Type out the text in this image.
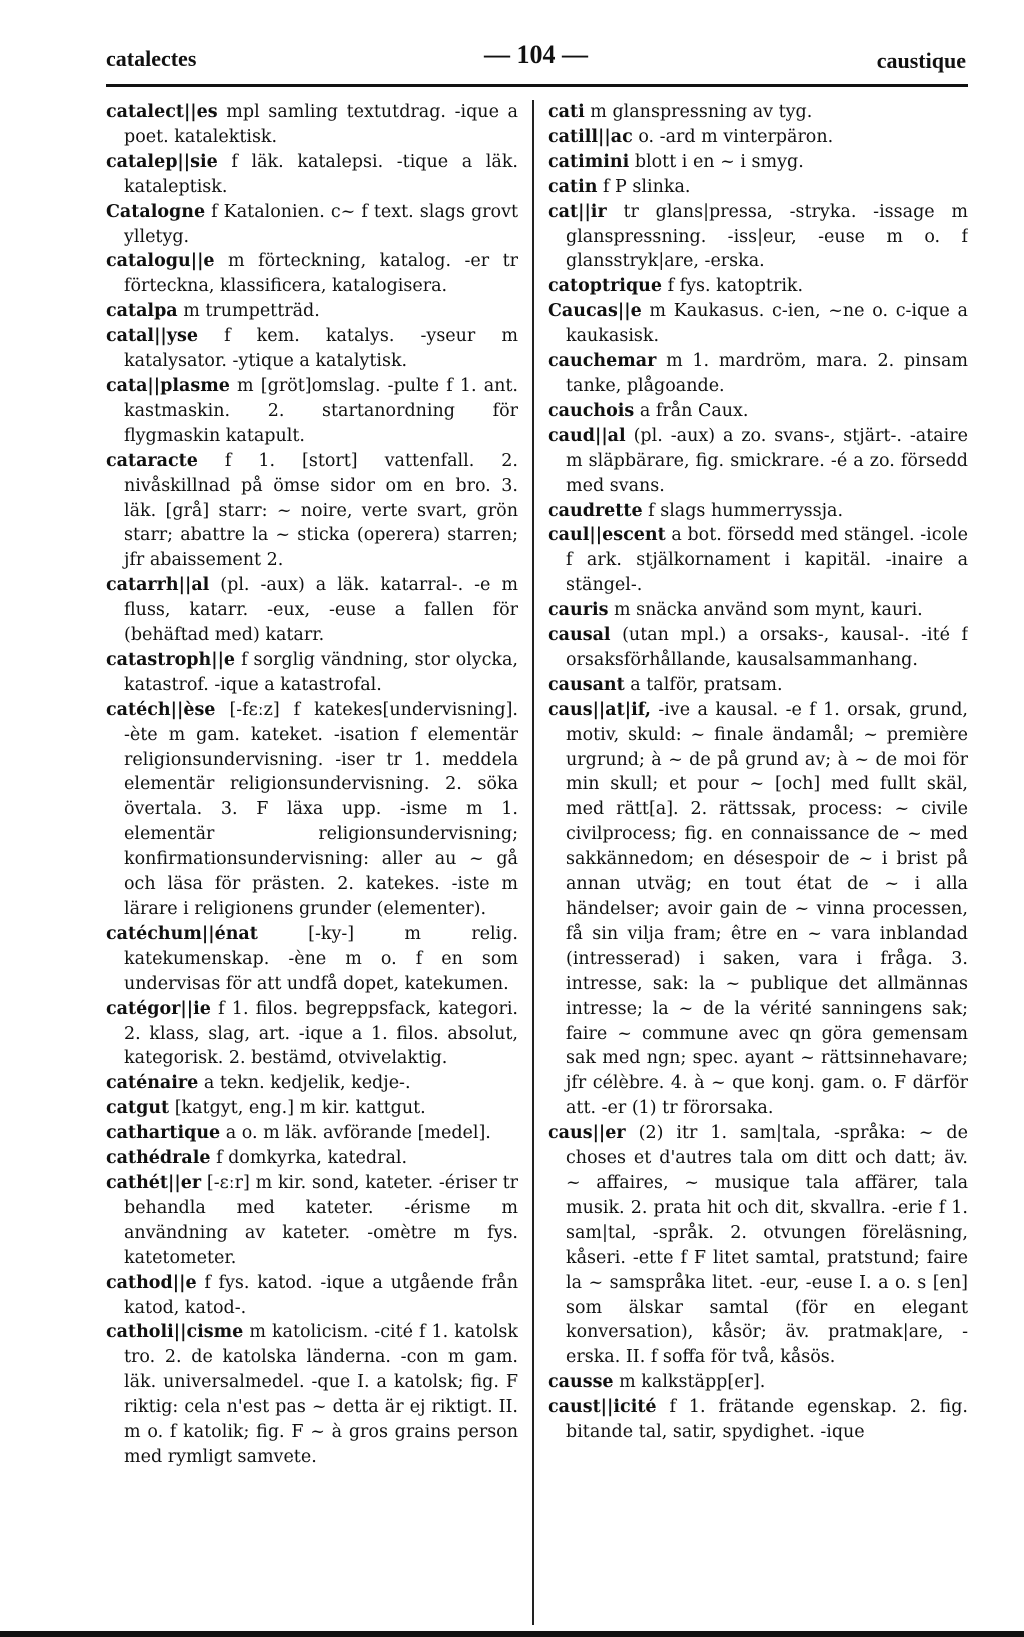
catalectes	— 104 —	caustique

catalect||es mpl samling textutdrag. -ique a poet. katalektisk.

catalep||sie f läk. katalepsi. -tique a läk. kataleptisk.

Catalogne f Katalonien. c~ f text. slags grovt ylletyg.

catalogu||e m förteckning, katalog. -er tr förteckna, klassificera, katalogisera.

catalpa m trumpetträd.

catal||yse f kem. katalys. -yseur m katalysator. -ytique a katalytisk.

cata||plasme m [gröt]omslag. -pulte f 1. ant. kastmaskin. 2. startanordning för flygmaskin katapult.

cataracte f 1. [stort] vattenfall. 2. nivåskillnad på ömse sidor om en bro. 3. läk. [grå] starr: ~ noire, verte svart, grön starr; abattre la ~ sticka (operera) starren; jfr abaissement 2.

catarrh||al (pl. -aux) a läk. katarral-. -e m fluss, katarr. -eux, -euse a fallen för (behäftad med) katarr.

catastroph||e f sorglig vändning, stor olycka, katastrof. -ique a katastrofal.

catéch||èse [-fɛːz] f katekes[undervisning]. -ète m gam. kateket. -isation f elementär religionsundervisning. -iser tr 1. meddela elementär religionsundervisning. 2. söka övertala. 3. F läxa upp. -isme m 1. elementär religionsundervisning; konfirmationsundervisning: aller au ~ gå och läsa för prästen. 2. katekes. -iste m lärare i religionens grunder (elementer).

catéchum||énat [-ky-] m relig. katekumenskap. -ène m o. f en som undervisas för att undfå dopet, katekumen.

catégor||ie f 1. filos. begreppsfack, kategori. 2. klass, slag, art. -ique a 1. filos. absolut, kategorisk. 2. bestämd, otvivelaktig.

caténaire a tekn. kedjelik, kedje-.

catgut [katgyt, eng.] m kir. kattgut.

cathartique a o. m läk. avförande [medel].

cathédrale f domkyrka, katedral.

cathét||er [-ɛːr] m kir. sond, kateter. -ériser tr behandla med kateter. -érisme m användning av kateter. -omètre m fys. katetometer.

cathod||e f fys. katod. -ique a utgående från katod, katod-.

catholi||cisme m katolicism. -cité f 1. katolsk tro. 2. de katolska länderna. -con m gam. läk. universalmedel. -que I. a katolsk; fig. F riktig: cela n'est pas ~ detta är ej riktigt. II. m o. f katolik; fig. F ~ à gros grains person med rymligt samvete.

cati m glanspressning av tyg.

catill||ac o. -ard m vinterpäron.

catimini blott i en ~ i smyg.

catin f P slinka.

cat||ir tr glans|pressa, -stryka. -issage m glanspressning. -iss|eur, -euse m o. f glansstryk|are, -erska.

catoptrique f fys. katoptrik.

Caucas||e m Kaukasus. c-ien, ~ne o. c-ique a kaukasisk.

cauchemar m 1. mardröm, mara. 2. pinsam tanke, plågoande.

cauchois a från Caux.

caud||al (pl. -aux) a zo. svans-, stjärt-. -ataire m släpbärare, fig. smickrare. -é a zo. försedd med svans.

caudrette f slags hummerryssja.

caul||escent a bot. försedd med stängel. -icole f ark. stjälkornament i kapitäl. -inaire a stängel-.

cauris m snäcka använd som mynt, kauri.

causal (utan mpl.) a orsaks-, kausal-. -ité f orsaksförhållande, kausalsammanhang.

causant a talför, pratsam.

caus||at|if, -ive a kausal. -e f 1. orsak, grund, motiv, skuld: ~ finale ändamål; ~ première urgrund; à ~ de på grund av; à ~ de moi för min skull; et pour ~ [och] med fullt skäl, med rätt[a]. 2. rättssak, process: ~ civile civilprocess; fig. en connaissance de ~ med sakkännedom; en désespoir de ~ i brist på annan utväg; en tout état de ~ i alla händelser; avoir gain de ~ vinna processen, få sin vilja fram; être en ~ vara inblandad (intresserad) i saken, vara i fråga. 3. intresse, sak: la ~ publique det allmännas intresse; la ~ de la vérité sanningens sak; faire ~ commune avec qn göra gemensam sak med ngn; spec. ayant ~ rättsinnehavare; jfr célèbre. 4. à ~ que konj. gam. o. F därför att. -er (1) tr förorsaka.

caus||er (2) itr 1. sam|tala, -språka: ~ de choses et d'autres tala om ditt och datt; äv. ~ affaires, ~ musique tala affärer, tala musik. 2. prata hit och dit, skvallra. -erie f 1. sam|tal, -språk. 2. otvungen föreläsning, kåseri. -ette f F litet samtal, pratstund; faire la ~ samspråka litet. -eur, -euse I. a o. s [en] som älskar samtal (för en elegant konversation), kåsör; äv. pratmak|are, -erska. II. f soffa för två, kåsös.

causse m kalkstäpp[er].

caust||icité f 1. frätande egenskap. 2. fig. bitande tal, satir, spydighet. -ique
